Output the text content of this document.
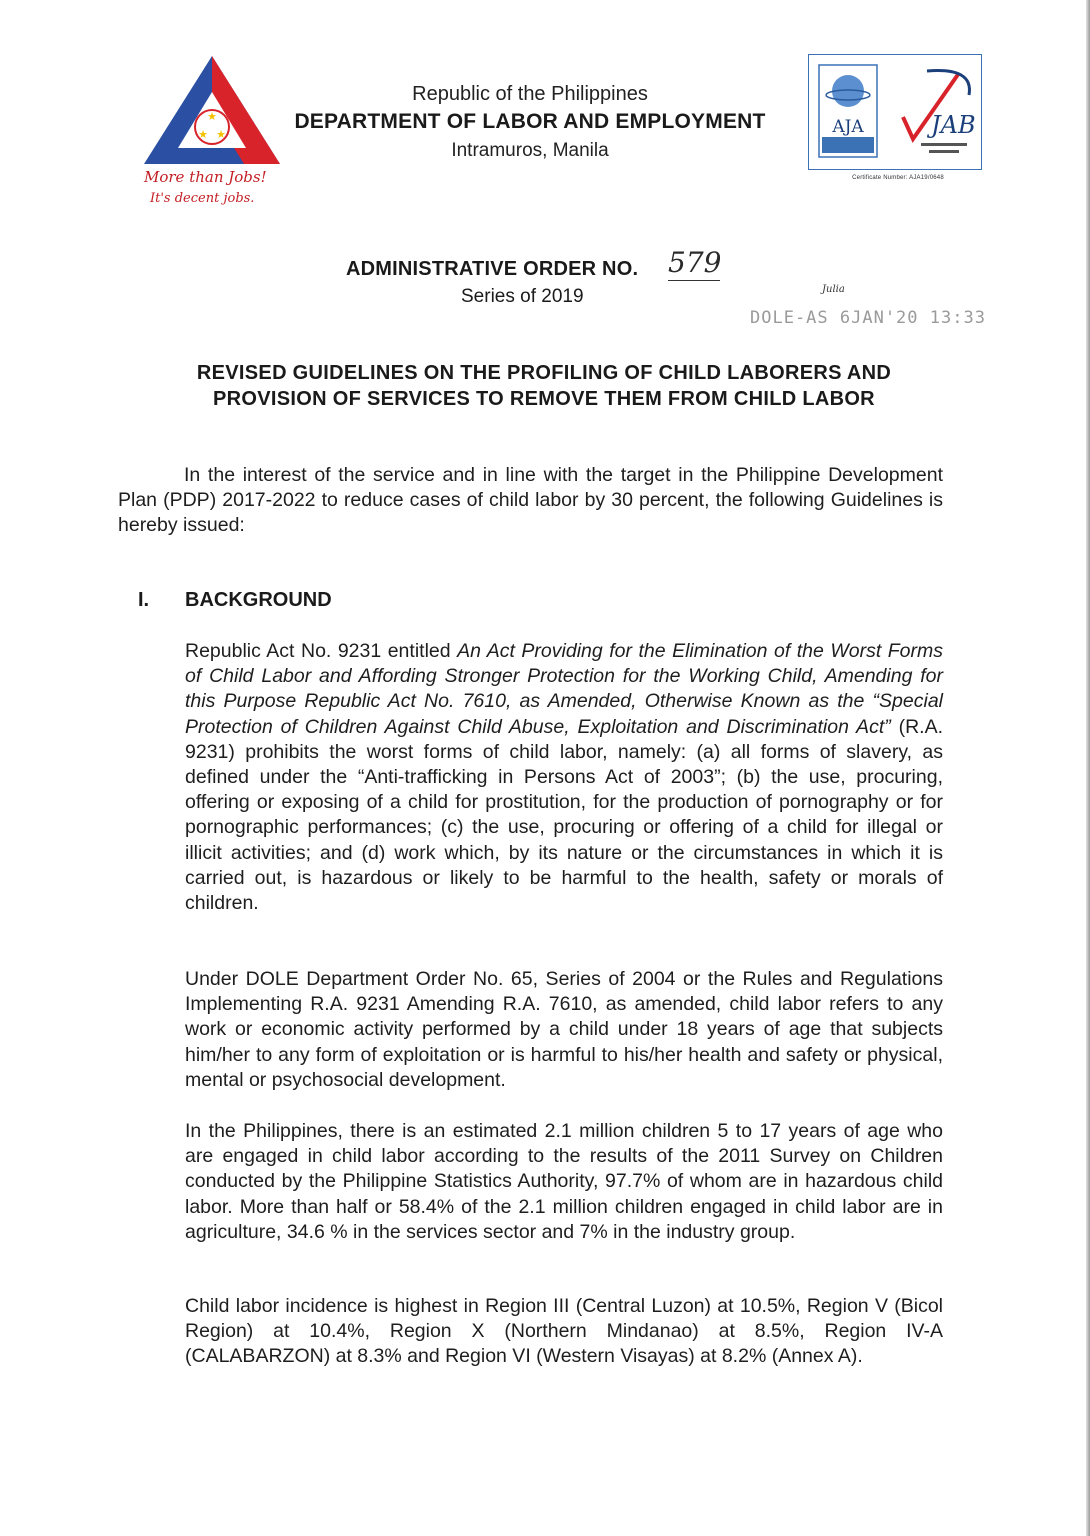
★
★ ★
More than Jobs!
It's decent jobs.
Republic of the Philippines
DEPARTMENT OF LABOR AND EMPLOYMENT
Intramuros, Manila
AJA	JAB
Certificate Number: AJA19/0648
ADMINISTRATIVE ORDER NO. 579
Series of 2019	Julia
DOLE-AS 6JAN'20 13:33
REVISED GUIDELINES ON THE PROFILING OF CHILD LABORERS AND
PROVISION OF SERVICES TO REMOVE THEM FROM CHILD LABOR
In the interest of the service and in line with the target in the Philippine Development Plan (PDP) 2017-2022 to reduce cases of child labor by 30 percent, the following Guidelines is hereby issued:
I. BACKGROUND
Republic Act No. 9231 entitled An Act Providing for the Elimination of the Worst Forms of Child Labor and Affording Stronger Protection for the Working Child, Amending for this Purpose Republic Act No. 7610, as Amended, Otherwise Known as the “Special Protection of Children Against Child Abuse, Exploitation and Discrimination Act” (R.A. 9231) prohibits the worst forms of child labor, namely: (a) all forms of slavery, as defined under the “Anti-trafficking in Persons Act of 2003”; (b) the use, procuring, offering or exposing of a child for prostitution, for the production of pornography or for pornographic performances; (c) the use, procuring or offering of a child for illegal or illicit activities; and (d) work which, by its nature or the circumstances in which it is carried out, is hazardous or likely to be harmful to the health, safety or morals of children.
Under DOLE Department Order No. 65, Series of 2004 or the Rules and Regulations Implementing R.A. 9231 Amending R.A. 7610, as amended, child labor refers to any work or economic activity performed by a child under 18 years of age that subjects him/her to any form of exploitation or is harmful to his/her health and safety or physical, mental or psychosocial development.
In the Philippines, there is an estimated 2.1 million children 5 to 17 years of age who are engaged in child labor according to the results of the 2011 Survey on Children conducted by the Philippine Statistics Authority, 97.7% of whom are in hazardous child labor. More than half or 58.4% of the 2.1 million children engaged in child labor are in agriculture, 34.6 % in the services sector and 7% in the industry group.
Child labor incidence is highest in Region III (Central Luzon) at 10.5%, Region V (Bicol Region) at 10.4%, Region X (Northern Mindanao) at 8.5%, Region IV-A (CALABARZON) at 8.3% and Region VI (Western Visayas) at 8.2% (Annex A).
